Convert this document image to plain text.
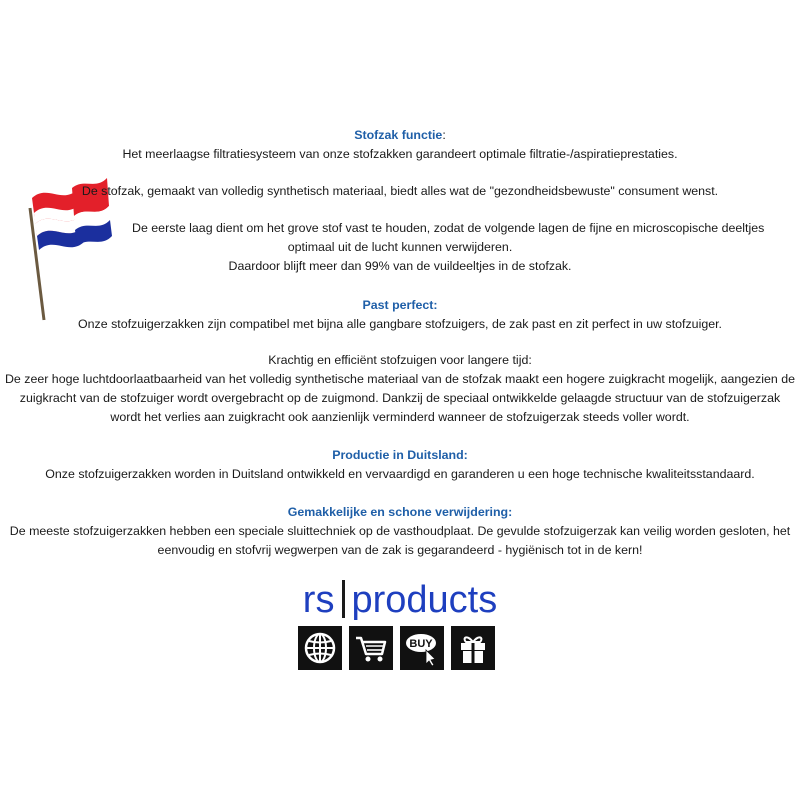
Stofzak functie:
Het meerlaagse filtratiesysteem van onze stofzakken garandeert optimale filtratie-/aspiratieprestaties.
De stofzak, gemaakt van volledig synthetisch materiaal, biedt alles wat de "gezondheidsbewuste" consument wenst.
De eerste laag dient om het grove stof vast te houden, zodat de volgende lagen de fijne en microscopische deeltjes
optimaal uit de lucht kunnen verwijderen.
Daardoor blijft meer dan 99% van de vuildeeltjes in de stofzak.
Past perfect:
Onze stofzuigerzakken zijn compatibel met bijna alle gangbare stofzuigers, de zak past en zit perfect in uw stofzuiger.
Krachtig en efficiënt stofzuigen voor langere tijd:
De zeer hoge luchtdoorlaatbaarheid van het volledig synthetische materiaal van de stofzak maakt een hogere zuigkracht mogelijk, aangezien de
zuigkracht van de stofzuiger wordt overgebracht op de zuigmond. Dankzij de speciaal ontwikkelde gelaagde structuur van de stofzuigerzak
wordt het verlies aan zuigkracht ook aanzienlijk verminderd wanneer de stofzuigerzak steeds voller wordt.
Productie in Duitsland:
Onze stofzuigerzakken worden in Duitsland ontwikkeld en vervaardigd en garanderen u een hoge technische kwaliteitsstandaard.
Gemakkelijke en schone verwijdering:
De meeste stofzuigerzakken hebben een speciale sluittechniek op de vasthoudplaat. De gevulde stofzuigerzak kan veilig worden gesloten, het
eenvoudig en stofvrij wegwerpen van de zak is gegarandeerd - hygiënisch tot in de kern!
rs products
BUY
